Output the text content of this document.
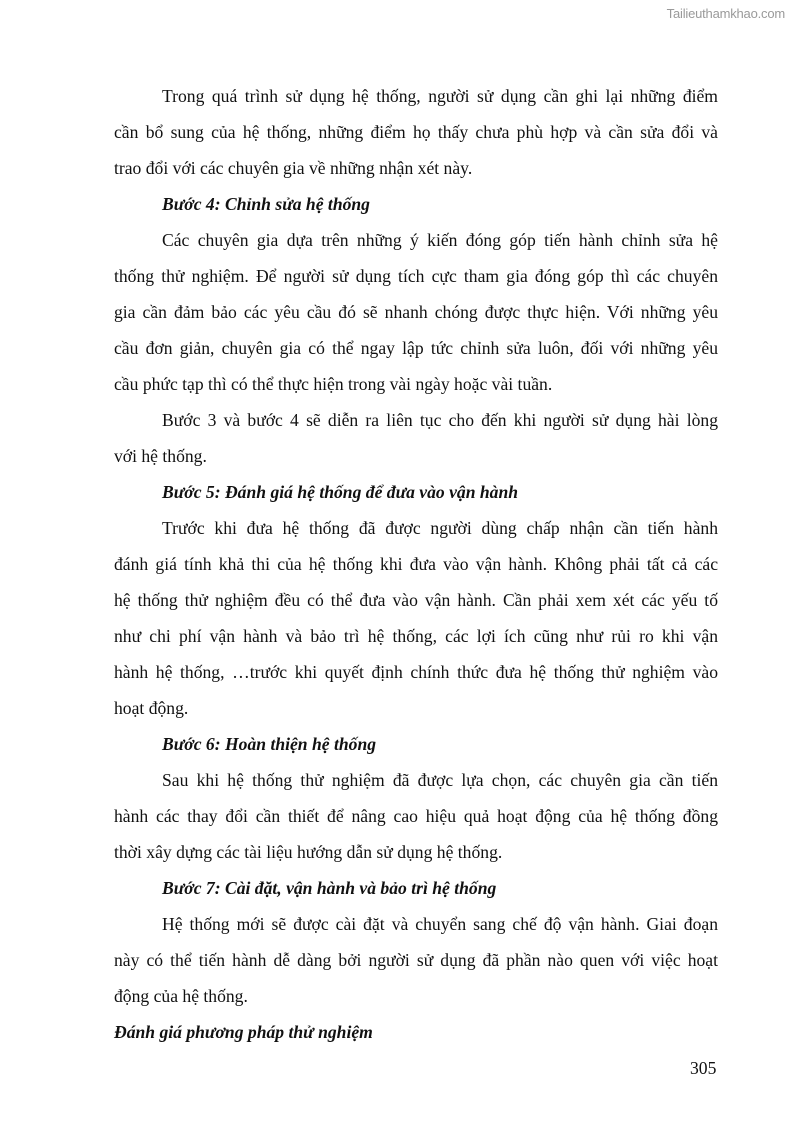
Tailieuthamkhao.com
Trong quá trình sử dụng hệ thống, người sử dụng cần ghi lại những điểm
cần bổ sung của hệ thống, những điểm họ thấy chưa phù hợp và cần sửa đổi và
trao đổi với các chuyên gia về những nhận xét này.
Bước 4: Chỉnh sửa hệ thống
Các chuyên gia dựa trên những ý kiến đóng góp tiến hành chỉnh sửa hệ
thống thử nghiệm. Để người sử dụng tích cực tham gia đóng góp thì các chuyên
gia cần đảm bảo các yêu cầu đó sẽ nhanh chóng được thực hiện. Với những yêu
cầu đơn giản, chuyên gia có thể ngay lập tức chỉnh sửa luôn, đối với những yêu
cầu phức tạp thì có thể thực hiện trong vài ngày hoặc vài tuần.
Bước 3 và bước 4 sẽ diễn ra liên tục cho đến khi người sử dụng hài lòng
với hệ thống.
Bước 5: Đánh giá hệ thống để đưa vào vận hành
Trước khi đưa hệ thống đã được người dùng chấp nhận cần tiến hành
đánh giá tính khả thi của hệ thống khi đưa vào vận hành. Không phải tất cả các
hệ thống thử nghiệm đều có thể đưa vào vận hành. Cần phải xem xét các yếu tố
như chi phí vận hành và bảo trì hệ thống, các lợi ích cũng như rủi ro khi vận
hành hệ thống, …trước khi quyết định chính thức đưa hệ thống thử nghiệm vào
hoạt động.
Bước 6: Hoàn thiện hệ thống
Sau khi hệ thống thử nghiệm đã được lựa chọn, các chuyên gia cần tiến
hành các thay đổi cần thiết để nâng cao hiệu quả hoạt động của hệ thống đồng
thời xây dựng các tài liệu hướng dẫn sử dụng hệ thống.
Bước 7: Cài đặt, vận hành và bảo trì hệ thống
Hệ thống mới sẽ được cài đặt và chuyển sang chế độ vận hành. Giai đoạn
này có thể tiến hành dễ dàng bởi người sử dụng đã phần nào quen với việc hoạt
động của hệ thống.
Đánh giá phương pháp thử nghiệm
305
